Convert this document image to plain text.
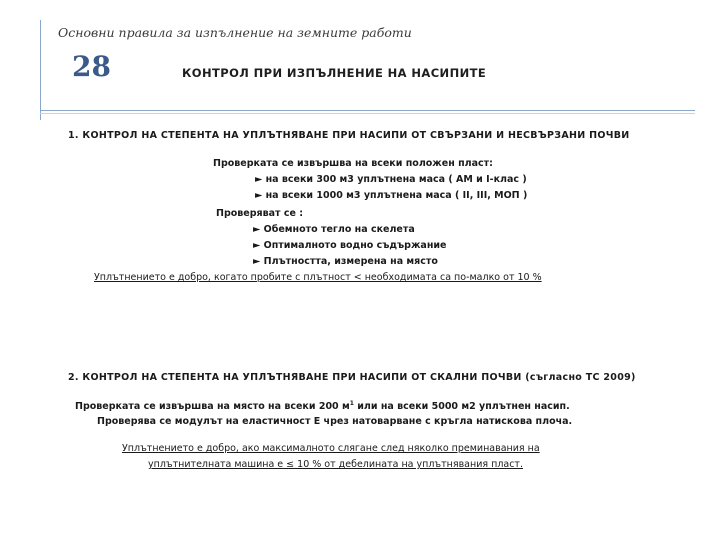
Основни правила за изпълнение на земните работи
28	КОНТРОЛ ПРИ ИЗПЪЛНЕНИЕ НА НАСИПИТЕ
1. КОНТРОЛ НА СТЕПЕНТА НА УПЛЪТНЯВАНЕ ПРИ НАСИПИ ОТ СВЪРЗАНИ И НЕСВЪРЗАНИ ПОЧВИ
Проверката се извършва на всеки положен пласт:
► на всеки 300 м3 уплътнена маса ( АМ и I-клас )
► на всеки 1000 м3 уплътнена маса ( II, III, МОП )
Проверяват се :
► Обемното тегло на скелета
► Оптималното водно съдържание
► Плътността, измерена на място
Уплътнението е добро, когато пробите с плътност < необходимата са по-малко от 10 %
2. КОНТРОЛ НА СТЕПЕНТА НА УПЛЪТНЯВАНЕ ПРИ НАСИПИ ОТ СКАЛНИ ПОЧВИ (съгласно ТС 2009)
Проверката се извършва на място на всеки 200 $м^1$ или на всеки 5000 м2 уплътнен насип.
Проверява се модулът на еластичност Е чрез натоварване с кръгла натискова плоча.
Уплътнението е добро, ако максималното слягане след няколко преминавания на
уплътнителната машина е ≤ 10 % от дебелината на уплътнявания пласт.
